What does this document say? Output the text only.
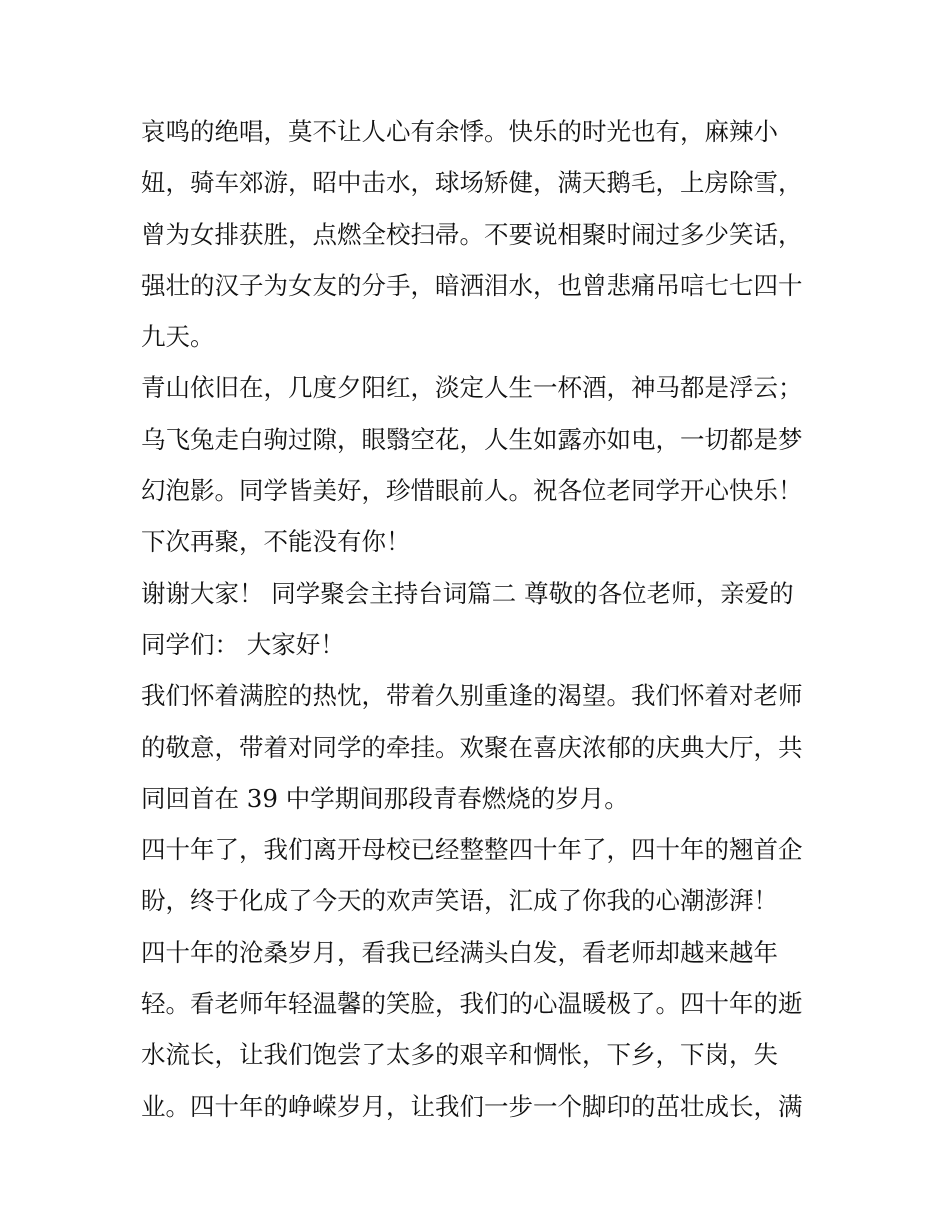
哀鸣的绝唱，莫不让人心有余悸。快乐的时光也有，麻辣小

妞，骑车郊游，昭中击水，球场矫健，满天鹅毛，上房除雪，

曾为女排获胜，点燃全校扫帚。不要说相聚时闹过多少笑话，

强壮的汉子为女友的分手，暗洒泪水，也曾悲痛吊唁七七四十

九天。

青山依旧在，几度夕阳红，淡定人生一杯酒，神马都是浮云；

乌飞兔走白驹过隙，眼翳空花，人生如露亦如电，一切都是梦

幻泡影。同学皆美好，珍惜眼前人。祝各位老同学开心快乐！

下次再聚，不能没有你！

谢谢大家！ 同学聚会主持台词篇二 尊敬的各位老师，亲爱的

同学们： 大家好！

我们怀着满腔的热忱，带着久别重逢的渴望。我们怀着对老师

的敬意，带着对同学的牵挂。欢聚在喜庆浓郁的庆典大厅，共

同回首在 39 中学期间那段青春燃烧的岁月。

四十年了，我们离开母校已经整整四十年了，四十年的翘首企

盼，终于化成了今天的欢声笑语，汇成了你我的心潮澎湃！

四十年的沧桑岁月，看我已经满头白发，看老师却越来越年

轻。看老师年轻温馨的笑脸，我们的心温暖极了。四十年的逝

水流长，让我们饱尝了太多的艰辛和惆怅，下乡，下岗，失

业。四十年的峥嵘岁月，让我们一步一个脚印的茁壮成长，满
